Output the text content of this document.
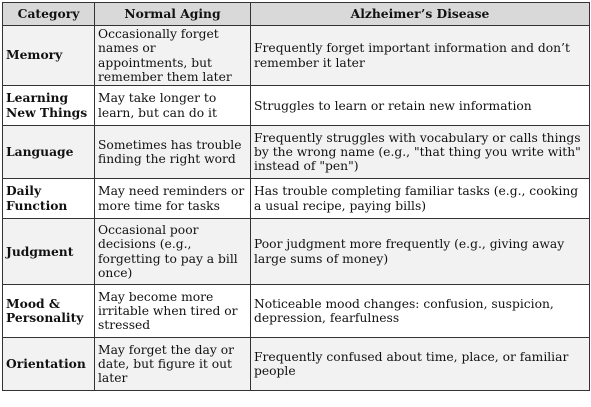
Category	Normal Aging	Alzheimer’s Disease
Memory	Occasionally forget names or appointments, but remember them later	Frequently forget important information and don’t remember it later
Learning New Things	May take longer to learn, but can do it	Struggles to learn or retain new information
Language	Sometimes has trouble finding the right word	Frequently struggles with vocabulary or calls things by the wrong name (e.g., "that thing you write with" instead of "pen")
Daily Function	May need reminders or more time for tasks	Has trouble completing familiar tasks (e.g., cooking a usual recipe, paying bills)
Judgment	Occasional poor decisions (e.g., forgetting to pay a bill once)	Poor judgment more frequently (e.g., giving away large sums of money)
Mood & Personality	May become more irritable when tired or stressed	Noticeable mood changes: confusion, suspicion, depression, fearfulness
Orientation	May forget the day or date, but figure it out later	Frequently confused about time, place, or familiar people
